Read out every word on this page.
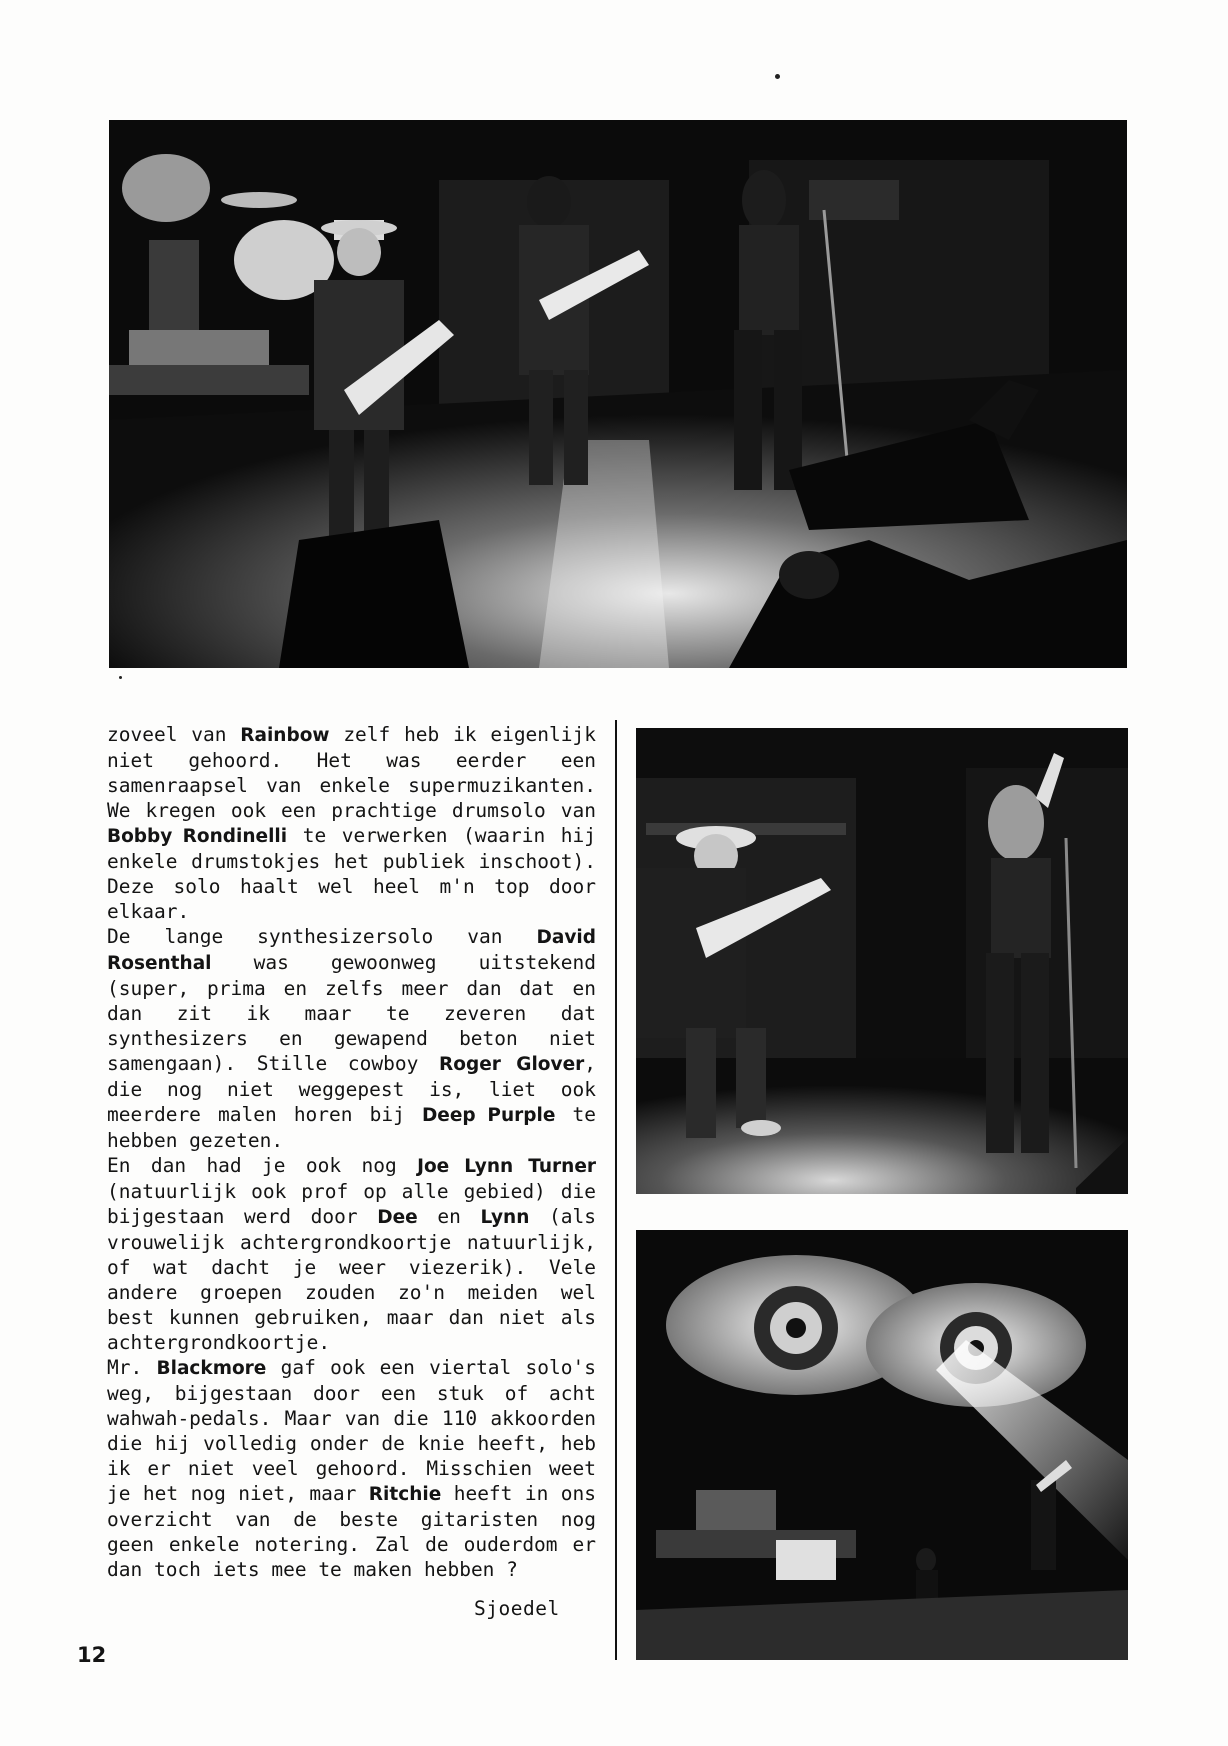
zoveel van Rainbow zelf heb ik eigenlijk niet gehoord. Het was eerder een samenraapsel van enkele supermuzikanten. We kregen ook een prachtige drumsolo van Bobby Rondinelli te verwerken (waarin hij enkele drumstokjes het publiek inschoot). Deze solo haalt wel heel m'n top door elkaar.

De lange synthesizersolo van David Rosenthal was gewoonweg uitstekend (super, prima en zelfs meer dan dat en dan zit ik maar te zeveren dat synthesizers en gewapend beton niet samengaan). Stille cowboy Roger Glover, die nog niet weggepest is, liet ook meerdere malen horen bij Deep Purple te hebben gezeten.

En dan had je ook nog Joe Lynn Turner (natuurlijk ook prof op alle gebied) die bijgestaan werd door Dee en Lynn (als vrouwelijk achtergrondkoortje natuurlijk, of wat dacht je weer viezerik). Vele andere groepen zouden zo'n meiden wel best kunnen gebruiken, maar dan niet als achtergrondkoortje.

Mr. Blackmore gaf ook een viertal solo's weg, bijgestaan door een stuk of acht wahwah-pedals. Maar van die 110 akkoorden die hij volledig onder de knie heeft, heb ik er niet veel gehoord. Misschien weet je het nog niet, maar Ritchie heeft in ons overzicht van de beste gitaristen nog geen enkele notering. Zal de ouderdom er dan toch iets mee te maken hebben ?

Sjoedel
12
